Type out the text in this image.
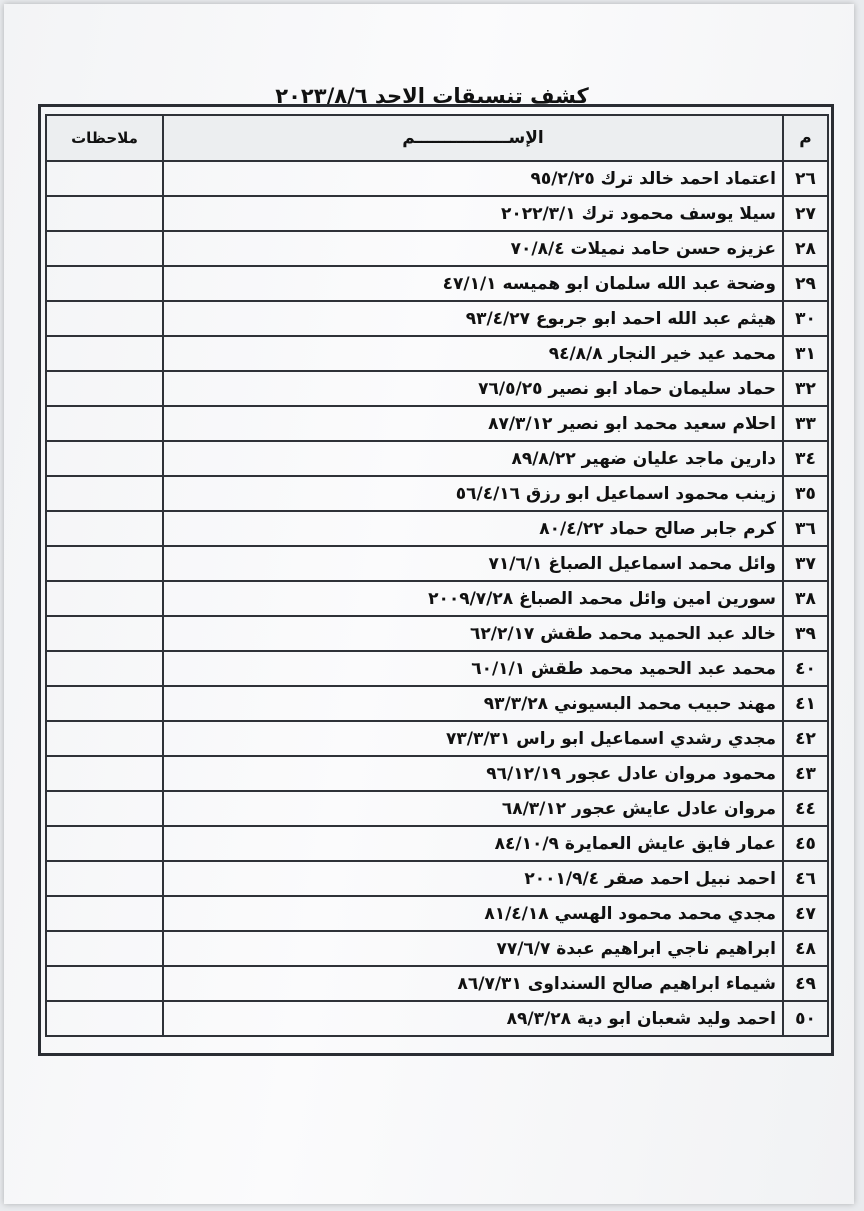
كشف تنسيقات الاحد ٢٠٢٣/٨/٦
م	الإســــــــــــــــم	ملاحظات
٢٦	اعتماد احمد خالد ترك ٩٥/٢/٢٥	
٢٧	سيلا يوسف محمود ترك ٢٠٢٢/٣/١	
٢٨	عزيزه حسن حامد نميلات ٧٠/٨/٤	
٢٩	وضحة عبد الله سلمان ابو هميسه ٤٧/١/١	
٣٠	هيثم عبد الله احمد ابو جربوع ٩٣/٤/٢٧	
٣١	محمد عيد خير النجار ٩٤/٨/٨	
٣٢	حماد سليمان حماد ابو نصير ٧٦/٥/٢٥	
٣٣	احلام سعيد محمد ابو نصير ٨٧/٣/١٢	
٣٤	دارين ماجد عليان ضهير ٨٩/٨/٢٢	
٣٥	زينب محمود اسماعيل ابو رزق ٥٦/٤/١٦	
٣٦	كرم جابر صالح حماد ٨٠/٤/٢٢	
٣٧	وائل محمد اسماعيل الصباغ ٧١/٦/١	
٣٨	سورين امين وائل محمد الصباغ ٢٠٠٩/٧/٢٨	
٣٩	خالد عبد الحميد محمد طقش ٦٢/٢/١٧	
٤٠	محمد عبد الحميد محمد طقش ٦٠/١/١	
٤١	مهند حبيب محمد البسيوني ٩٣/٣/٢٨	
٤٢	مجدي رشدي اسماعيل ابو راس ٧٣/٣/٣١	
٤٣	محمود مروان عادل عجور ٩٦/١٢/١٩	
٤٤	مروان عادل عايش عجور ٦٨/٣/١٢	
٤٥	عمار فايق عايش العمايرة ٨٤/١٠/٩	
٤٦	احمد نبيل احمد صقر ٢٠٠١/٩/٤	
٤٧	مجدي محمد محمود الهسي ٨١/٤/١٨	
٤٨	ابراهيم ناجي ابراهيم عبدة ٧٧/٦/٧	
٤٩	شيماء ابراهيم صالح السنداوى ٨٦/٧/٣١	
٥٠	احمد وليد شعبان ابو دية ٨٩/٣/٢٨	
